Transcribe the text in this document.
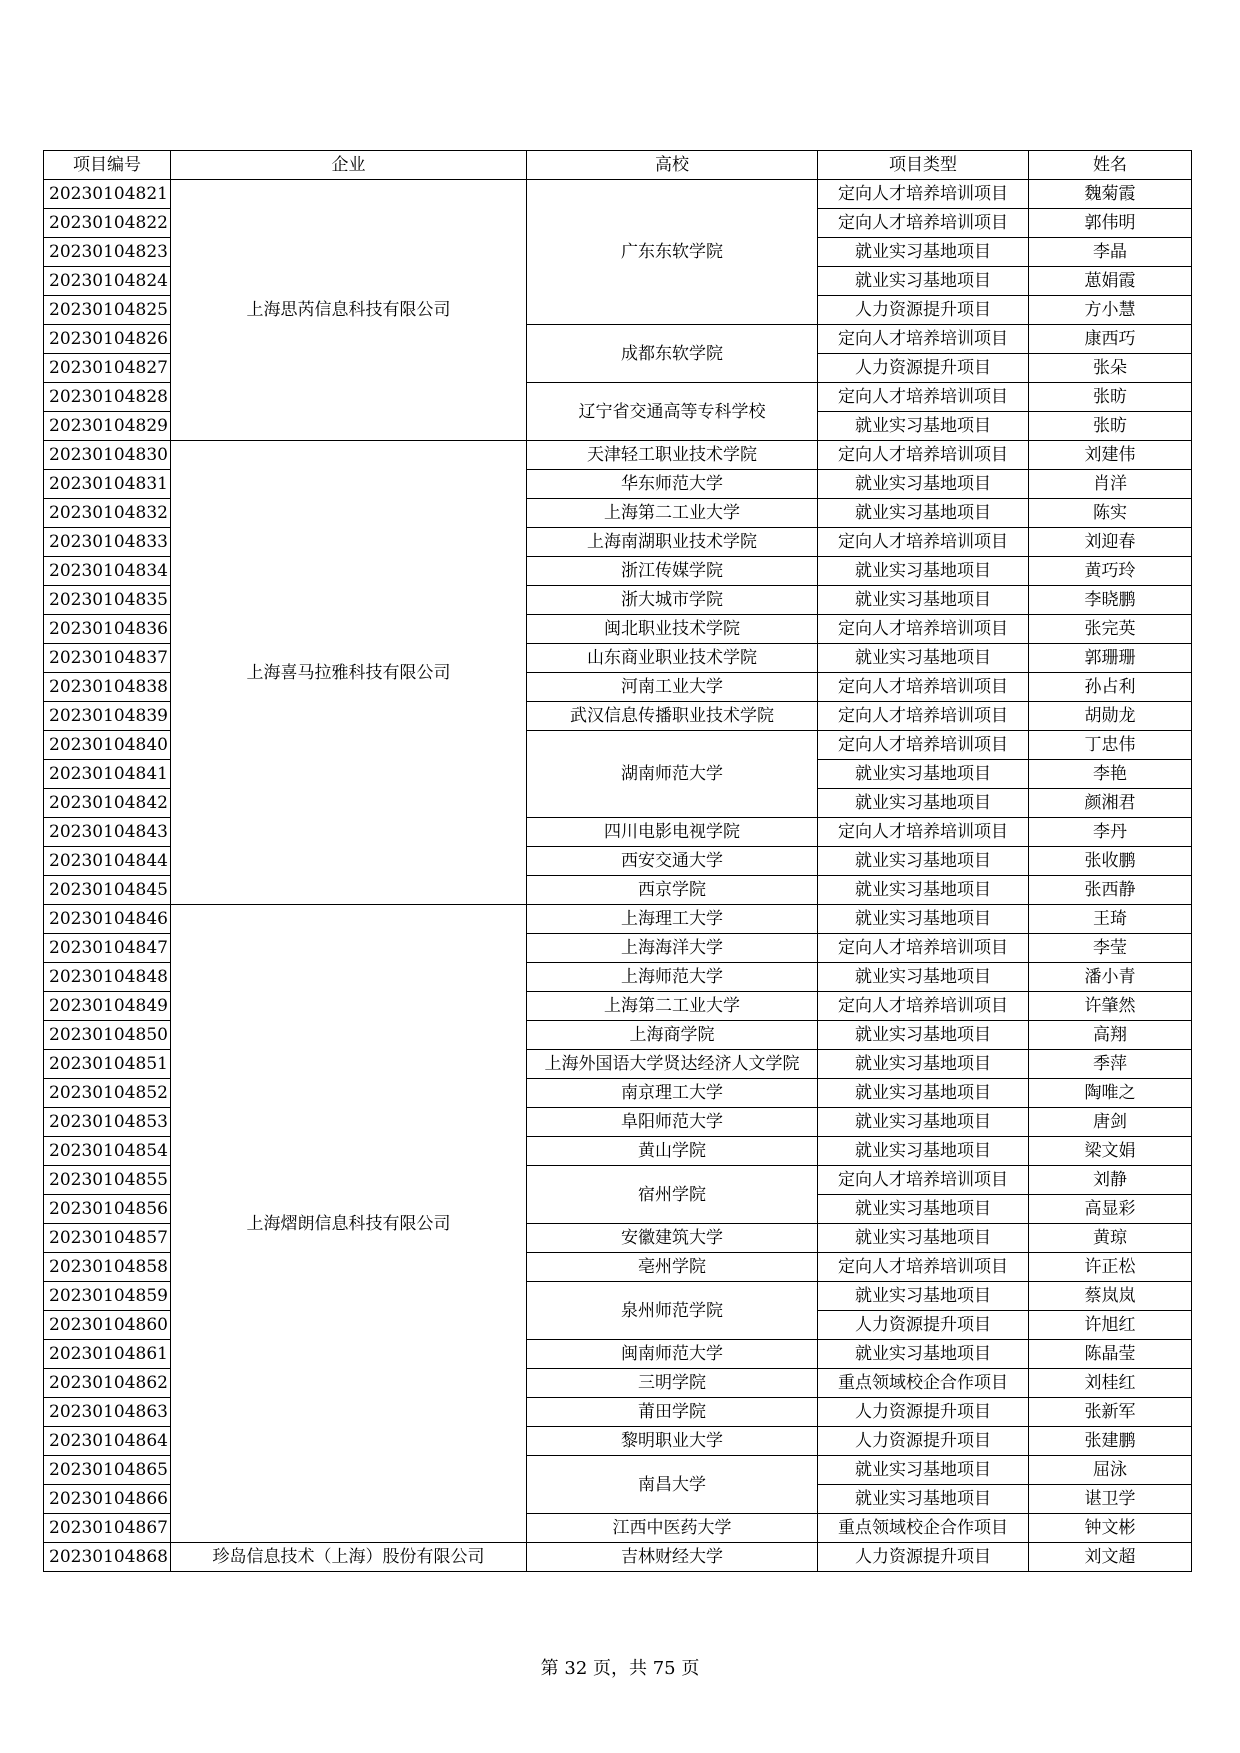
项目编号	企业	高校	项目类型	姓名
20230104821	上海思芮信息科技有限公司	广东东软学院	定向人才培养培训项目	魏菊霞
20230104822			定向人才培养培训项目	郭伟明
20230104823			就业实习基地项目	李晶
20230104824			就业实习基地项目	葸娟霞
20230104825			人力资源提升项目	方小慧
20230104826		成都东软学院	定向人才培养培训项目	康西巧
20230104827			人力资源提升项目	张朵
20230104828		辽宁省交通高等专科学校	定向人才培养培训项目	张昉
20230104829			就业实习基地项目	张昉
20230104830	上海喜马拉雅科技有限公司	天津轻工职业技术学院	定向人才培养培训项目	刘建伟
20230104831		华东师范大学	就业实习基地项目	肖洋
20230104832		上海第二工业大学	就业实习基地项目	陈实
20230104833		上海南湖职业技术学院	定向人才培养培训项目	刘迎春
20230104834		浙江传媒学院	就业实习基地项目	黄巧玲
20230104835		浙大城市学院	就业实习基地项目	李晓鹏
20230104836		闽北职业技术学院	定向人才培养培训项目	张完英
20230104837		山东商业职业技术学院	就业实习基地项目	郭珊珊
20230104838		河南工业大学	定向人才培养培训项目	孙占利
20230104839		武汉信息传播职业技术学院	定向人才培养培训项目	胡勋龙
20230104840		湖南师范大学	定向人才培养培训项目	丁忠伟
20230104841			就业实习基地项目	李艳
20230104842			就业实习基地项目	颜湘君
20230104843		四川电影电视学院	定向人才培养培训项目	李丹
20230104844		西安交通大学	就业实习基地项目	张收鹏
20230104845		西京学院	就业实习基地项目	张西静
20230104846	上海熠朗信息科技有限公司	上海理工大学	就业实习基地项目	王琦
20230104847		上海海洋大学	定向人才培养培训项目	李莹
20230104848		上海师范大学	就业实习基地项目	潘小青
20230104849		上海第二工业大学	定向人才培养培训项目	许肇然
20230104850		上海商学院	就业实习基地项目	高翔
20230104851		上海外国语大学贤达经济人文学院	就业实习基地项目	季萍
20230104852		南京理工大学	就业实习基地项目	陶唯之
20230104853		阜阳师范大学	就业实习基地项目	唐剑
20230104854		黄山学院	就业实习基地项目	梁文娟
20230104855		宿州学院	定向人才培养培训项目	刘静
20230104856			就业实习基地项目	高显彩
20230104857		安徽建筑大学	就业实习基地项目	黄琼
20230104858		亳州学院	定向人才培养培训项目	许正松
20230104859		泉州师范学院	就业实习基地项目	蔡岚岚
20230104860			人力资源提升项目	许旭红
20230104861		闽南师范大学	就业实习基地项目	陈晶莹
20230104862		三明学院	重点领域校企合作项目	刘桂红
20230104863		莆田学院	人力资源提升项目	张新军
20230104864		黎明职业大学	人力资源提升项目	张建鹏
20230104865		南昌大学	就业实习基地项目	屈泳
20230104866			就业实习基地项目	谌卫学
20230104867		江西中医药大学	重点领域校企合作项目	钟文彬
20230104868	珍岛信息技术（上海）股份有限公司	吉林财经大学	人力资源提升项目	刘文超
第 32 页，共 75 页
